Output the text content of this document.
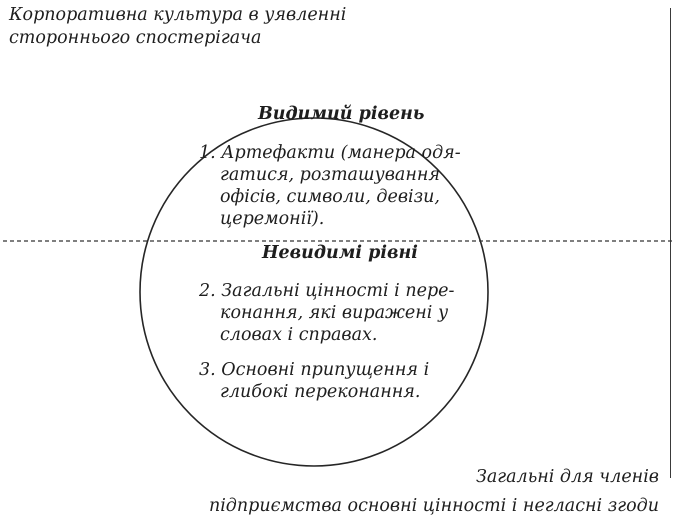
Корпоративна культура в уявленні
стороннього спостерігача
Видимий рівень
1. Артефакти (манера одя-
гатися, розташування
офісів, символи, девізи,
церемонії).
Невидимі рівні
2. Загальні цінності і пере-
конання, які виражені у
словах і справах.
3. Основні припущення і
глибокі переконання.
Загальні для членів
підприємства основні цінності і негласні згоди
